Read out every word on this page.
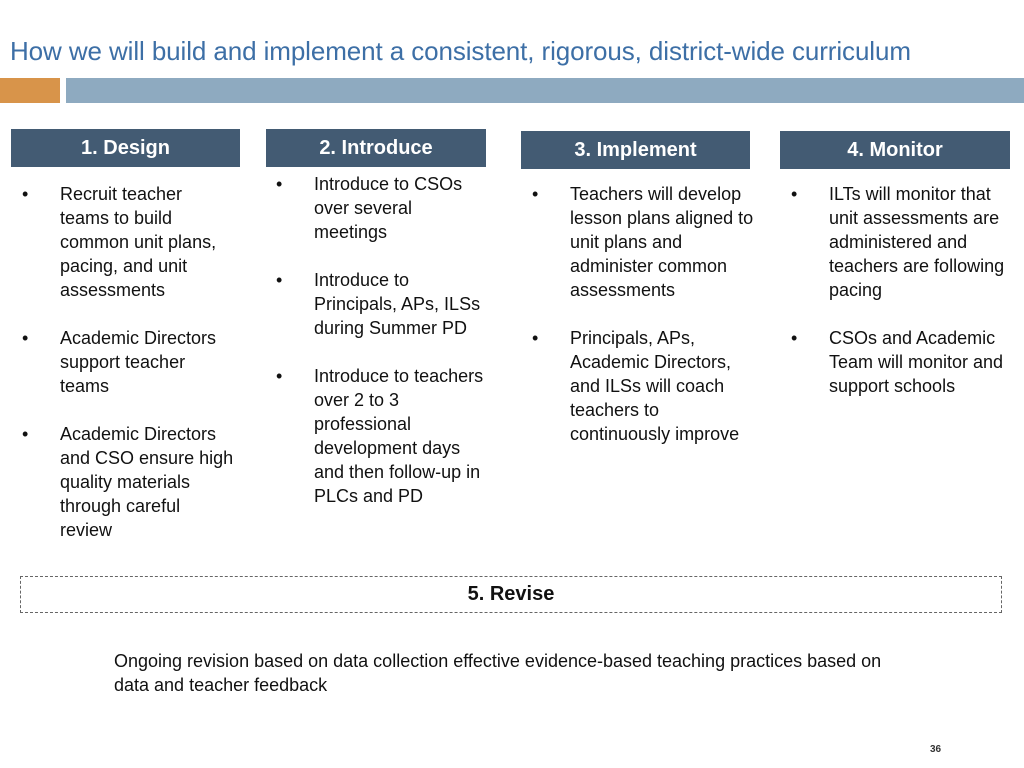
How we will build and implement a consistent, rigorous, district-wide curriculum
1. Design	2. Introduce	3. Implement	4. Monitor
• Recruit teacher teams to build common unit plans, pacing, and unit assessments
• Academic Directors support teacher teams
• Academic Directors and CSO ensure high quality materials through careful review
• Introduce to CSOs over several meetings
• Introduce to Principals, APs, ILSs during Summer PD
• Introduce to teachers over 2 to 3 professional development days and then follow-up in PLCs and PD
• Teachers will develop lesson plans aligned to unit plans and administer common assessments
• Principals, APs, Academic Directors, and ILSs will coach teachers to continuously improve
• ILTs will monitor that unit assessments are administered and teachers are following pacing
• CSOs and Academic Team will monitor and support schools
5. Revise
Ongoing revision based on data collection effective evidence-based teaching practices based on data and teacher feedback
36
